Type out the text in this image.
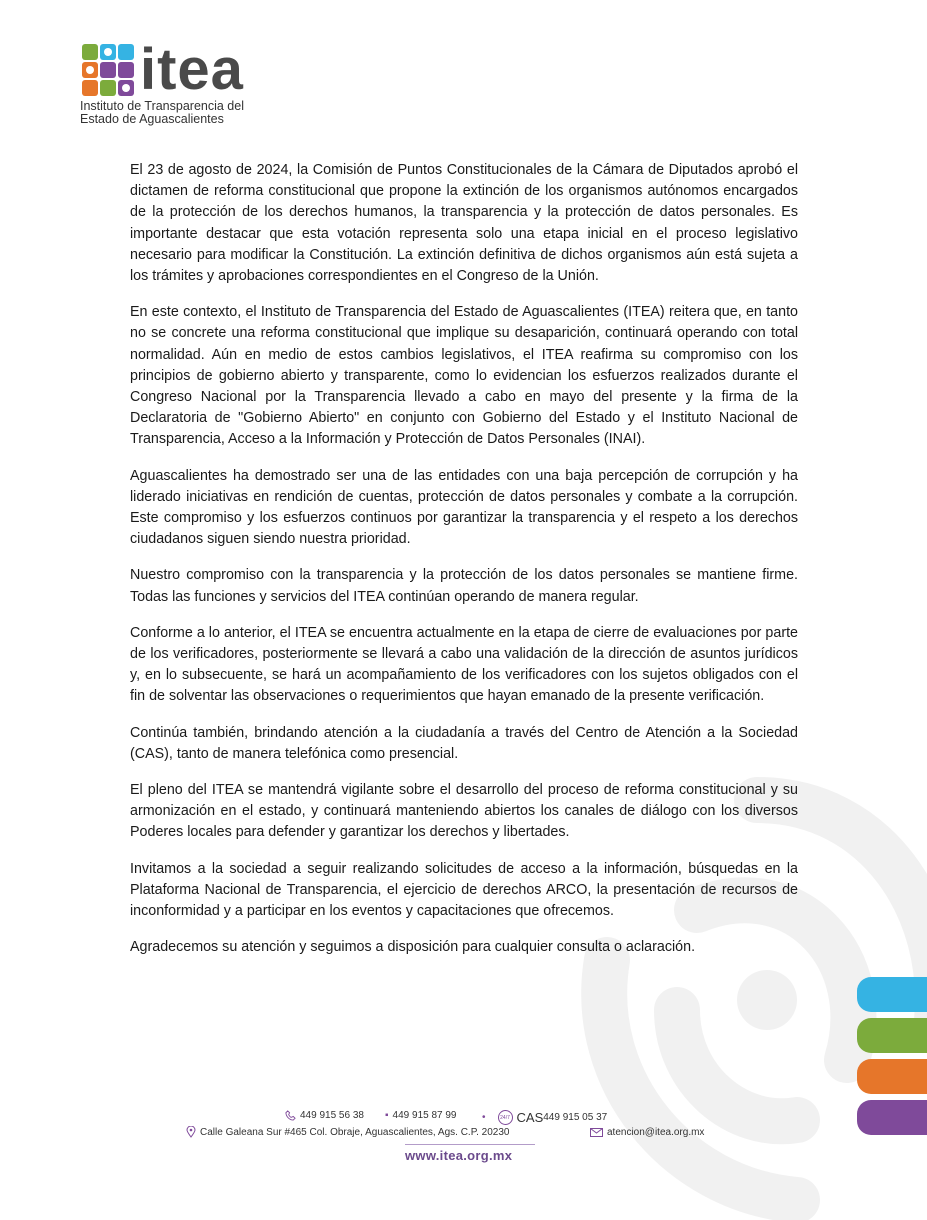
itea
Instituto de Transparencia del
Estado de Aguascalientes

El 23 de agosto de 2024, la Comisión de Puntos Constitucionales de la Cámara de Diputados aprobó el dictamen de reforma constitucional que propone la extinción de los organismos autónomos encargados de la protección de los derechos humanos, la transparencia y la protección de datos personales. Es importante destacar que esta votación representa solo una etapa inicial en el proceso legislativo necesario para modificar la Constitución. La extinción definitiva de dichos organismos aún está sujeta a los trámites y aprobaciones correspondientes en el Congreso de la Unión.

En este contexto, el Instituto de Transparencia del Estado de Aguascalientes (ITEA) reitera que, en tanto no se concrete una reforma constitucional que implique su desaparición, continuará operando con total normalidad. Aún en medio de estos cambios legislativos, el ITEA reafirma su compromiso con los principios de gobierno abierto y transparente, como lo evidencian los esfuerzos realizados durante el Congreso Nacional por la Transparencia llevado a cabo en mayo del presente y la firma de la Declaratoria de "Gobierno Abierto" en conjunto con Gobierno del Estado y el Instituto Nacional de Transparencia, Acceso a la Información y Protección de Datos Personales (INAI).

Aguascalientes ha demostrado ser una de las entidades con una baja percepción de corrupción y ha liderado iniciativas en rendición de cuentas, protección de datos personales y combate a la corrupción. Este compromiso y los esfuerzos continuos por garantizar la transparencia y el respeto a los derechos ciudadanos siguen siendo nuestra prioridad.

Nuestro compromiso con la transparencia y la protección de los datos personales se mantiene firme. Todas las funciones y servicios del ITEA continúan operando de manera regular.

Conforme a lo anterior, el ITEA se encuentra actualmente en la etapa de cierre de evaluaciones por parte de los verificadores, posteriormente se llevará a cabo una validación de la dirección de asuntos jurídicos y, en lo subsecuente, se hará un acompañamiento de los verificadores con los sujetos obligados con el fin de solventar las observaciones o requerimientos que hayan emanado de la presente verificación.

Continúa también, brindando atención a la ciudadanía a través del Centro de Atención a la Sociedad (CAS), tanto de manera telefónica como presencial.

El pleno del ITEA se mantendrá vigilante sobre el desarrollo del proceso de reforma constitucional y su armonización en el estado, y continuará manteniendo abiertos los canales de diálogo con los diversos Poderes locales para defender y garantizar los derechos y libertades.

Invitamos a la sociedad a seguir realizando solicitudes de acceso a la información, búsquedas en la Plataforma Nacional de Transparencia, el ejercicio de derechos ARCO, la presentación de recursos de inconformidad y a participar en los eventos y capacitaciones que ofrecemos.

Agradecemos su atención y seguimos a disposición para cualquier consulta o aclaración.

449 915 56 38 ▪ 449 915 87 99	•	24/7 CAS 449 915 05 37
Calle Galeana Sur #465 Col. Obraje, Aguascalientes, Ags. C.P. 20230	atencion@itea.org.mx
www.itea.org.mx
